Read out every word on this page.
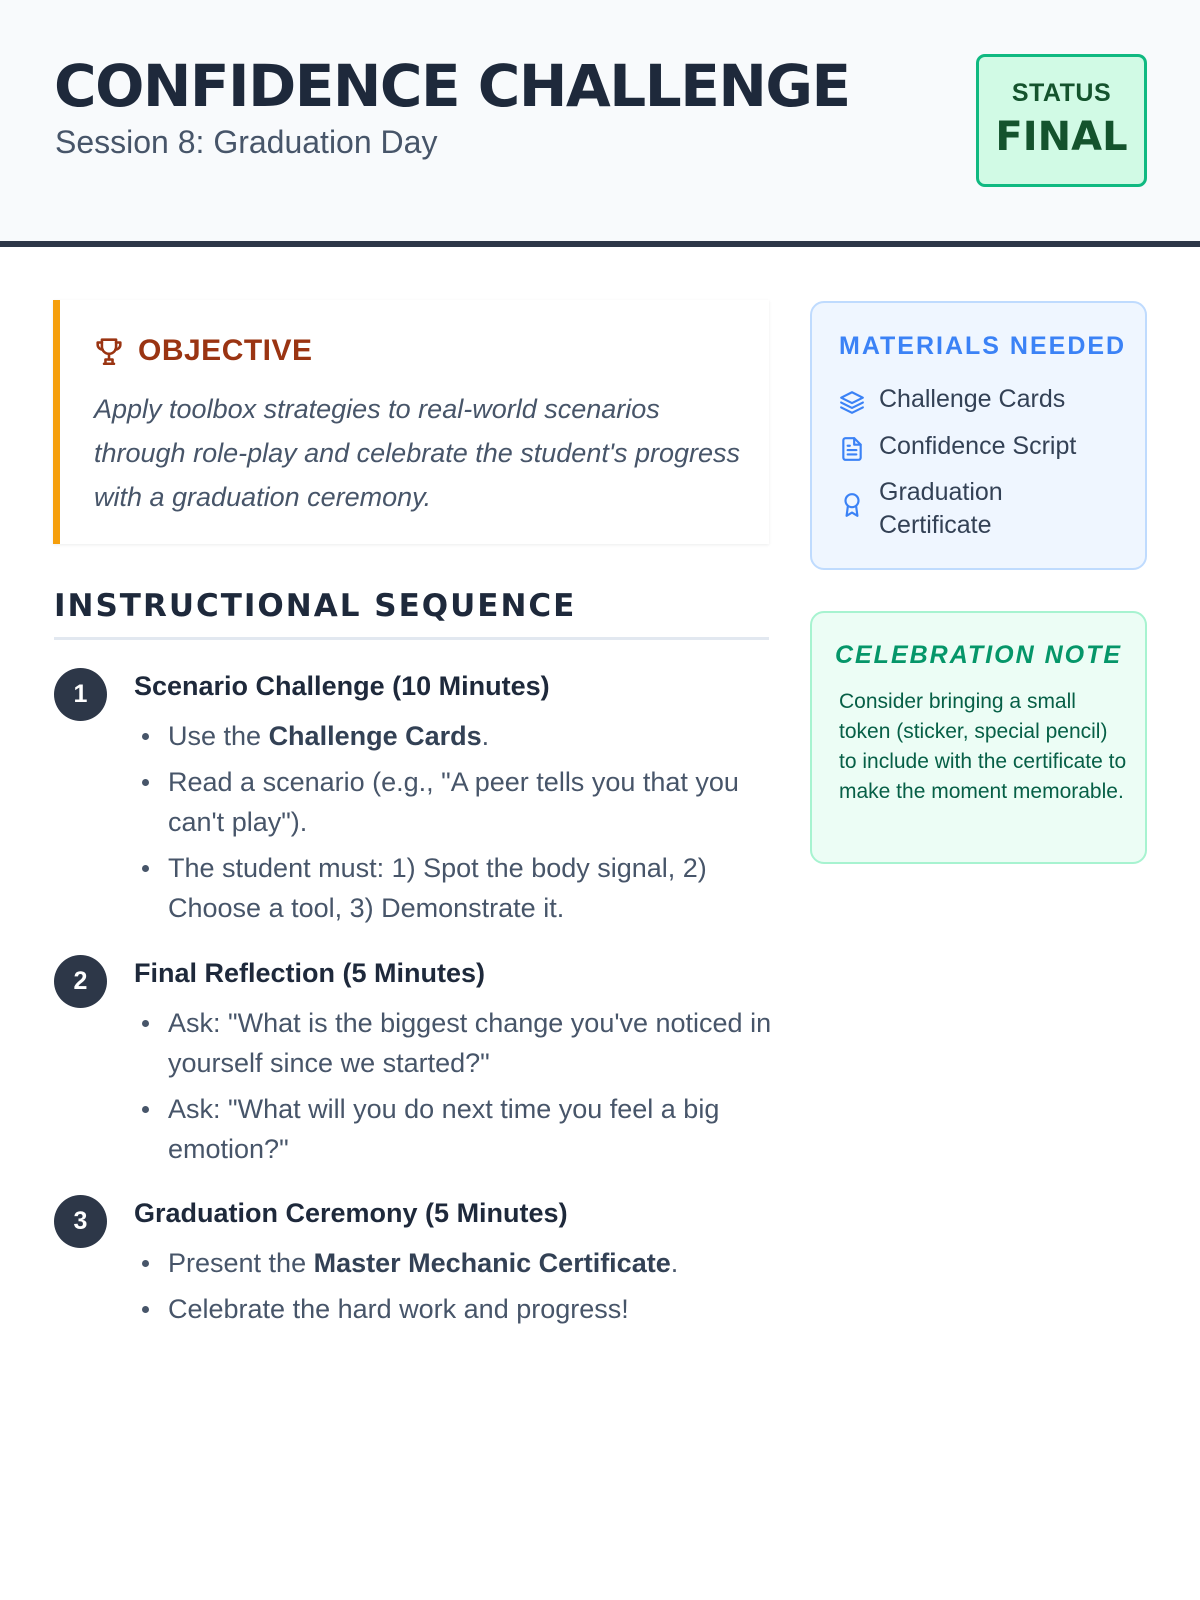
CONFIDENCE CHALLENGE
Session 8: Graduation Day
STATUS
FINAL
OBJECTIVE
Apply toolbox strategies to real-world scenarios through role-play and celebrate the student's progress with a graduation ceremony.
INSTRUCTIONAL SEQUENCE
1	Scenario Challenge (10 Minutes)
Use the Challenge Cards.
Read a scenario (e.g., "A peer tells you that you can't play").
The student must: 1) Spot the body signal, 2) Choose a tool, 3) Demonstrate it.
2	Final Reflection (5 Minutes)
Ask: "What is the biggest change you've noticed in yourself since we started?"
Ask: "What will you do next time you feel a big emotion?"
3	Graduation Ceremony (5 Minutes)
Present the Master Mechanic Certificate.
Celebrate the hard work and progress!
MATERIALS NEEDED
Challenge Cards
Confidence Script
Graduation Certificate
CELEBRATION NOTE
Consider bringing a small token (sticker, special pencil) to include with the certificate to make the moment memorable.
